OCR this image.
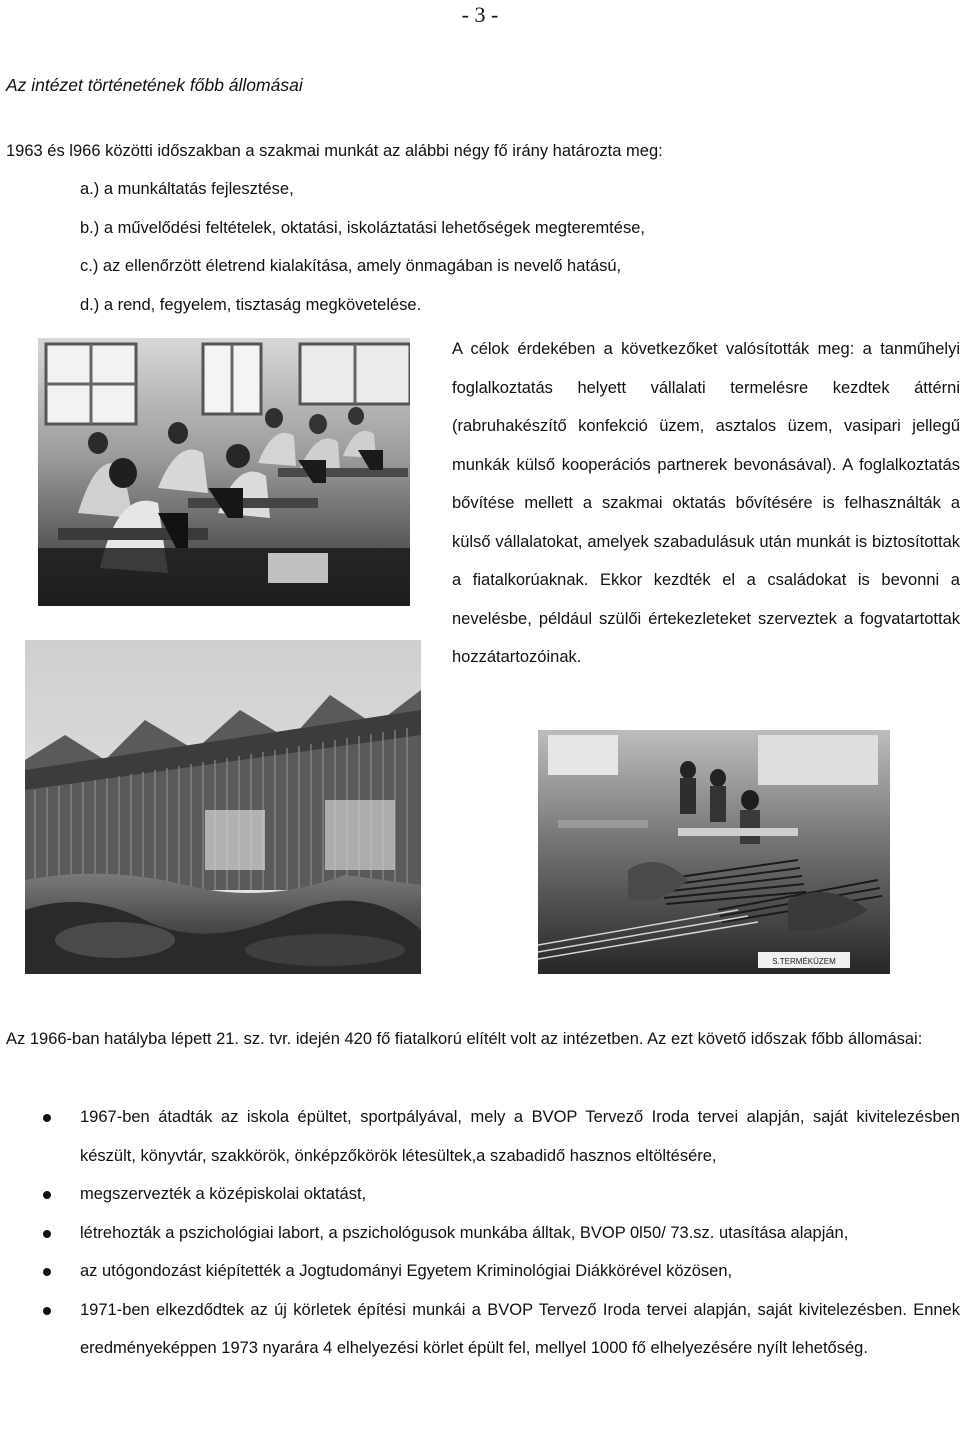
- 3 -
Az intézet történetének főbb állomásai
1963 és l966 közötti időszakban a szakmai munkát az alábbi négy fő irány határozta meg:
a.) a munkáltatás fejlesztése,
b.) a művelődési feltételek, oktatási, iskoláztatási lehetőségek megteremtése,
c.) az ellenőrzött életrend kialakítása, amely önmagában is nevelő hatású,
d.) a rend, fegyelem, tisztaság megkövetelése.

A célok érdekében a következőket valósították meg: a tanműhelyi foglalkoztatás helyett vállalati termelésre kezdtek áttérni (rabruhakészítő konfekció üzem, asztalos üzem, vasipari jellegű munkák külső kooperációs partnerek bevonásával). A foglalkoztatás bővítése mellett a szakmai oktatás bővítésére is felhasználták a külső vállalatokat, amelyek szabadulásuk után munkát is biztosítottak a fiatalkorúaknak. Ekkor kezdték el a családokat is bevonni a nevelésbe, például szülői értekezleteket szerveztek a fogvatartottak hozzátartozóinak.

S.TERMÉKÜZEM

Az 1966-ban hatályba lépett 21. sz. tvr. idején 420 fő fiatalkorú elítélt volt az intézetben. Az ezt követő időszak főbb állomásai:

1967-ben átadták az iskola épültet, sportpályával, mely a BVOP Tervező Iroda tervei alapján, saját kivitelezésben készült, könyvtár, szakkörök, önképzőkörök létesültek,a szabadidő hasznos eltöltésére,
megszervezték a középiskolai oktatást,
létrehozták a pszichológiai labort, a pszichológusok munkába álltak, BVOP 0l50/ 73.sz. utasítása alapján,
az utógondozást kiépítették a Jogtudományi Egyetem Kriminológiai Diákkörével közösen,
1971-ben elkezdődtek az új körletek építési munkái a BVOP Tervező Iroda tervei alapján, saját kivitelezésben. Ennek eredményeképpen 1973 nyarára 4 elhelyezési körlet épült fel, mellyel 1000 fő elhelyezésére nyílt lehetőség.
